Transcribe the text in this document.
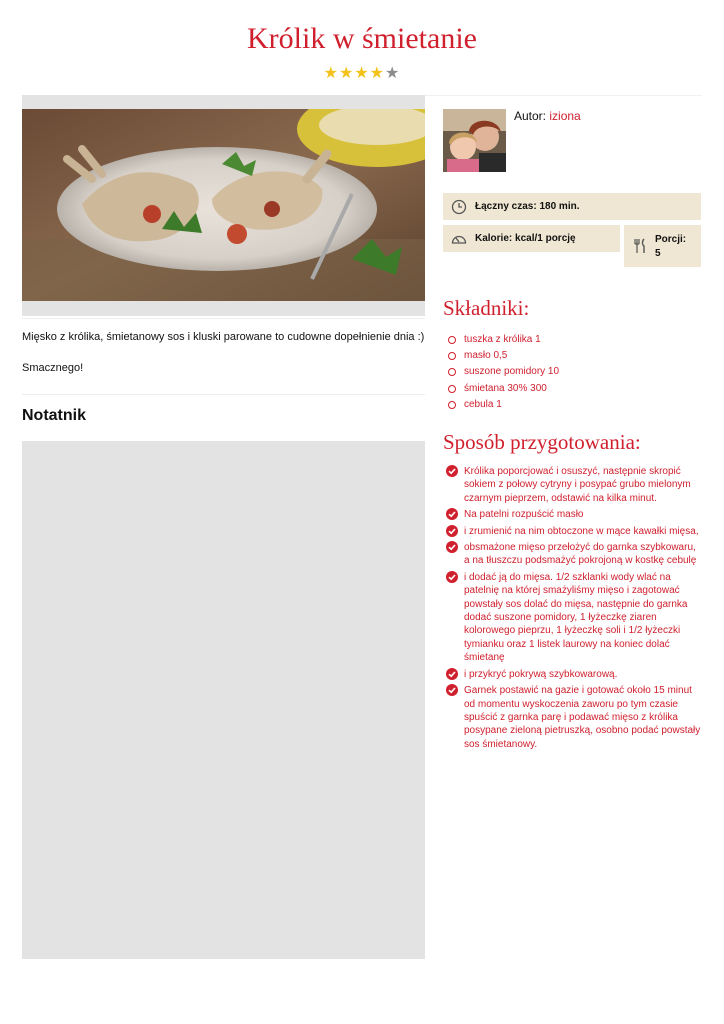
Królik w śmietanie
★★★★★
Mięsko z królika, śmietanowy sos i kluski parowane to cudowne dopełnienie dnia :)
Smacznego!
Notatnik
Autor: iziona
Łączny czas: 180 min.
Kalorie: kcal/1 porcję	Porcji:
5
Składniki:
tuszka z królika 1
masło 0,5
suszone pomidory 10
śmietana 30% 300
cebula 1
Sposób przygotowania:
Królika poporcjować i osuszyć, następnie skropić sokiem z połowy cytryny i posypać grubo mielonym czarnym pieprzem, odstawić na kilka minut.
Na patelni rozpuścić masło
i zrumienić na nim obtoczone w mące kawałki mięsa,
obsmażone mięso przełożyć do garnka szybkowaru, a na tłuszczu podsmażyć pokrojoną w kostkę cebulę
i dodać ją do mięsa. 1/2 szklanki wody wlać na patelnię na której smażyliśmy mięso i zagotować powstały sos dolać do mięsa, następnie do garnka dodać suszone pomidory, 1 łyżeczkę ziaren kolorowego pieprzu, 1 łyżeczkę soli i 1/2 łyżeczki tymianku oraz 1 listek laurowy na koniec dolać śmietanę
i przykryć pokrywą szybkowarową.
Garnek postawić na gazie i gotować około 15 minut od momentu wyskoczenia zaworu po tym czasie spuścić z garnka parę i podawać mięso z królika posypane zieloną pietruszką, osobno podać powstały sos śmietanowy.
